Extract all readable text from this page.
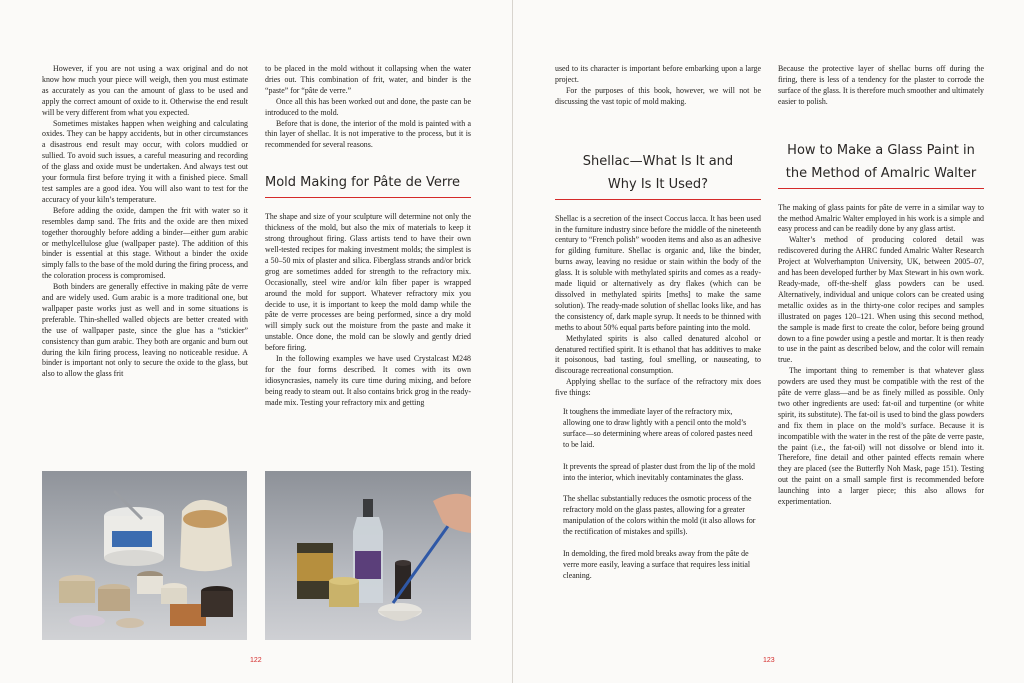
However, if you are not using a wax original and do not know how much your piece will weigh, then you must estimate as accurately as you can the amount of glass to be used and apply the correct amount of oxide to it. Otherwise the end result will be very different from what you expected.

Sometimes mistakes happen when weighing and calculating oxides. They can be happy accidents, but in other circumstances a disastrous end result may occur, with colors muddied or sullied. To avoid such issues, a careful measuring and recording of the glass and oxide must be undertaken. And always test out your formula first before trying it with a finished piece. Small test samples are a good idea. You will also want to test for the accuracy of your kiln’s temperature.

Before adding the oxide, dampen the frit with water so it resembles damp sand. The frits and the oxide are then mixed together thoroughly before adding a binder—either gum arabic or methylcellulose glue (wallpaper paste). The addition of this binder is essential at this stage. Without a binder the oxide simply falls to the base of the mold during the firing process, and the coloration process is compromised.

Both binders are generally effective in making pâte de verre and are widely used. Gum arabic is a more traditional one, but wallpaper paste works just as well and in some situations is preferable. Thin-shelled walled objects are better created with the use of wallpaper paste, since the glue has a “stickier” consistency than gum arabic. They both are organic and burn out during the kiln firing process, leaving no noticeable residue. A binder is important not only to secure the oxide to the glass, but also to allow the glass frit

to be placed in the mold without it collapsing when the water dries out. This combination of frit, water, and binder is the “paste” for “pâte de verre.”

Once all this has been worked out and done, the paste can be introduced to the mold.

Before that is done, the interior of the mold is painted with a thin layer of shellac. It is not imperative to the process, but it is recommended for several reasons.

Mold Making for Pâte de Verre

The shape and size of your sculpture will determine not only the thickness of the mold, but also the mix of materials to keep it strong throughout firing. Glass artists tend to have their own well-tested recipes for making investment molds; the simplest is a 50–50 mix of plaster and silica. Fiberglass strands and/or brick grog are sometimes added for strength to the refractory mix. Occasionally, steel wire and/or kiln fiber paper is wrapped around the mold for support. Whatever refractory mix you decide to use, it is important to keep the mold damp while the pâte de verre processes are being performed, since a dry mold will simply suck out the moisture from the paste and make it unstable. Once done, the mold can be slowly and gently dried before firing.

In the following examples we have used Crystalcast M248 for the four forms described. It comes with its own idiosyncrasies, namely its cure time during mixing, and before being ready to steam out. It also contains brick grog in the ready-made mix. Testing your refractory mix and getting

122

used to its character is important before embarking upon a large project.

For the purposes of this book, however, we will not be discussing the vast topic of mold making.

Shellac—What Is It and Why Is It Used?

Shellac is a secretion of the insect Coccus lacca. It has been used in the furniture industry since before the middle of the nineteenth century to “French polish” wooden items and also as an adhesive for gilding furniture. Shellac is organic and, like the binder, burns away, leaving no residue or stain within the body of the glass. It is soluble with methylated spirits and comes as a ready-made liquid or alternatively as dry flakes (which can be dissolved in methylated spirits [meths] to make the same solution). The ready-made solution of shellac looks like, and has the consistency of, dark maple syrup. It needs to be thinned with meths to about 50% equal parts before painting into the mold.

Methylated spirits is also called denatured alcohol or denatured rectified spirit. It is ethanol that has additives to make it poisonous, bad tasting, foul smelling, or nauseating, to discourage recreational consumption.

Applying shellac to the surface of the refractory mix does five things:

It toughens the immediate layer of the refractory mix, allowing one to draw lightly with a pencil onto the mold’s surface—so determining where areas of colored pastes need to be laid.

It prevents the spread of plaster dust from the lip of the mold into the interior, which inevitably contaminates the glass.

The shellac substantially reduces the osmotic process of the refractory mold on the glass pastes, allowing for a greater manipulation of the colors within the mold (it also allows for the rectification of mistakes and spills).

In demolding, the fired mold breaks away from the pâte de verre more easily, leaving a surface that requires less initial cleaning.

Because the protective layer of shellac burns off during the firing, there is less of a tendency for the plaster to corrode the surface of the glass. It is therefore much smoother and ultimately easier to polish.

How to Make a Glass Paint in the Method of Amalric Walter

The making of glass paints for pâte de verre in a similar way to the method Amalric Walter employed in his work is a simple and easy process and can be readily done by any glass artist.

Walter’s method of producing colored detail was rediscovered during the AHRC funded Amalric Walter Research Project at Wolverhampton University, UK, between 2005–07, and has been developed further by Max Stewart in his own work. Ready-made, off-the-shelf glass powders can be used. Alternatively, individual and unique colors can be created using metallic oxides as in the thirty-one color recipes and samples illustrated on pages 120–121. When using this second method, the sample is made first to create the color, before being ground down to a fine powder using a pestle and mortar. It is then ready to use in the paint as described below, and the color will remain true.

The important thing to remember is that whatever glass powders are used they must be compatible with the rest of the pâte de verre glass—and be as finely milled as possible. Only two other ingredients are used: fat-oil and turpentine (or white spirit, its substitute). The fat-oil is used to bind the glass powders and fix them in place on the mold’s surface. Because it is incompatible with the water in the rest of the pâte de verre paste, the paint (i.e., the fat-oil) will not dissolve or blend into it. Therefore, fine detail and other painted effects remain where they are placed (see the Butterfly Noh Mask, page 151). Testing out the paint on a small sample first is recommended before launching into a larger piece; this also allows for experimentation.

123
